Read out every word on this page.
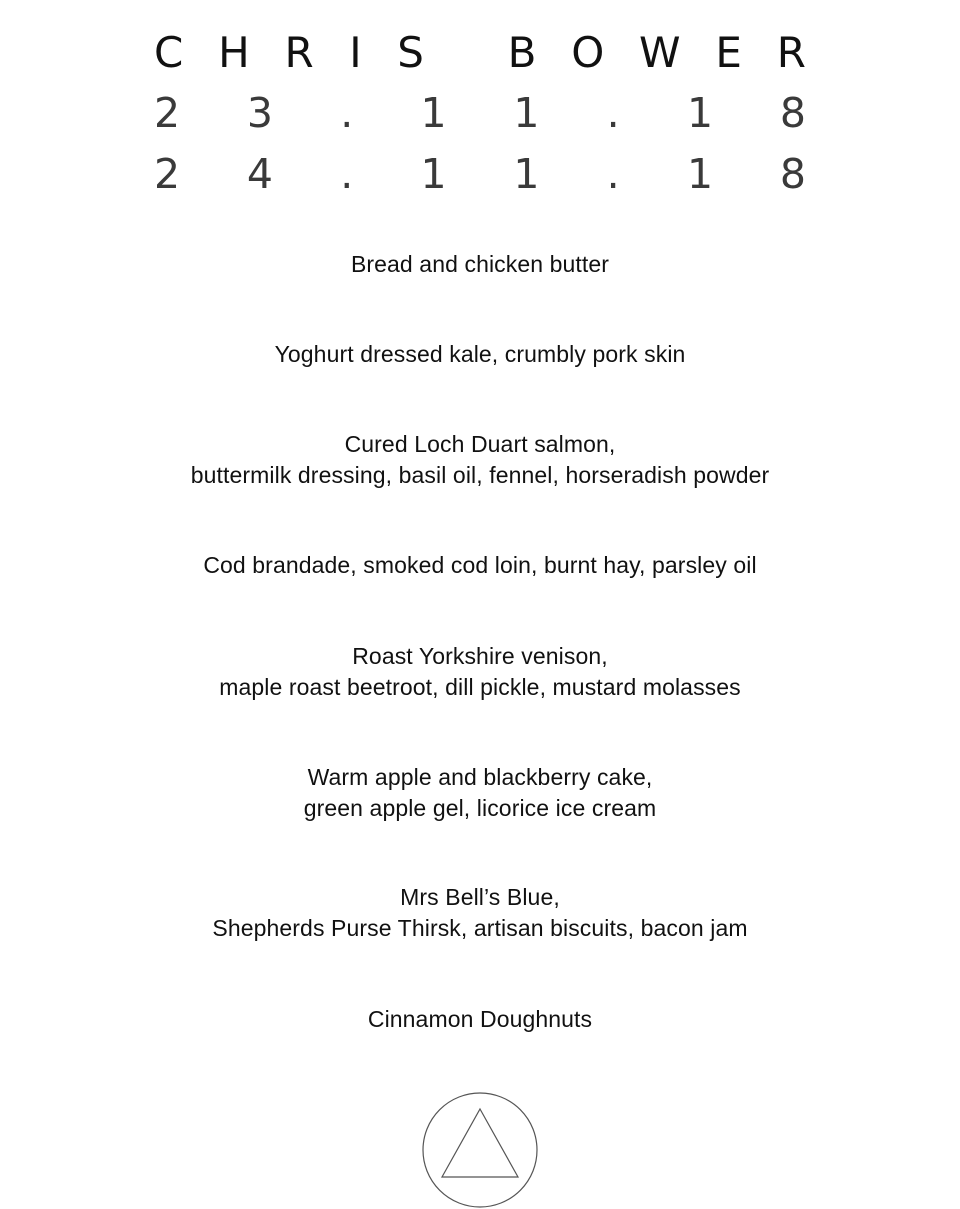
C H R I S B O W E R
2 3 . 1 1 . 1 8
2 4 . 1 1 . 1 8
Bread and chicken butter
Yoghurt dressed kale, crumbly pork skin
Cured Loch Duart salmon,
buttermilk dressing, basil oil, fennel, horseradish powder
Cod brandade, smoked cod loin, burnt hay, parsley oil
Roast Yorkshire venison,
maple roast beetroot, dill pickle, mustard molasses
Warm apple and blackberry cake,
green apple gel, licorice ice cream
Mrs Bell’s Blue,
Shepherds Purse Thirsk, artisan biscuits, bacon jam
Cinnamon Doughnuts
